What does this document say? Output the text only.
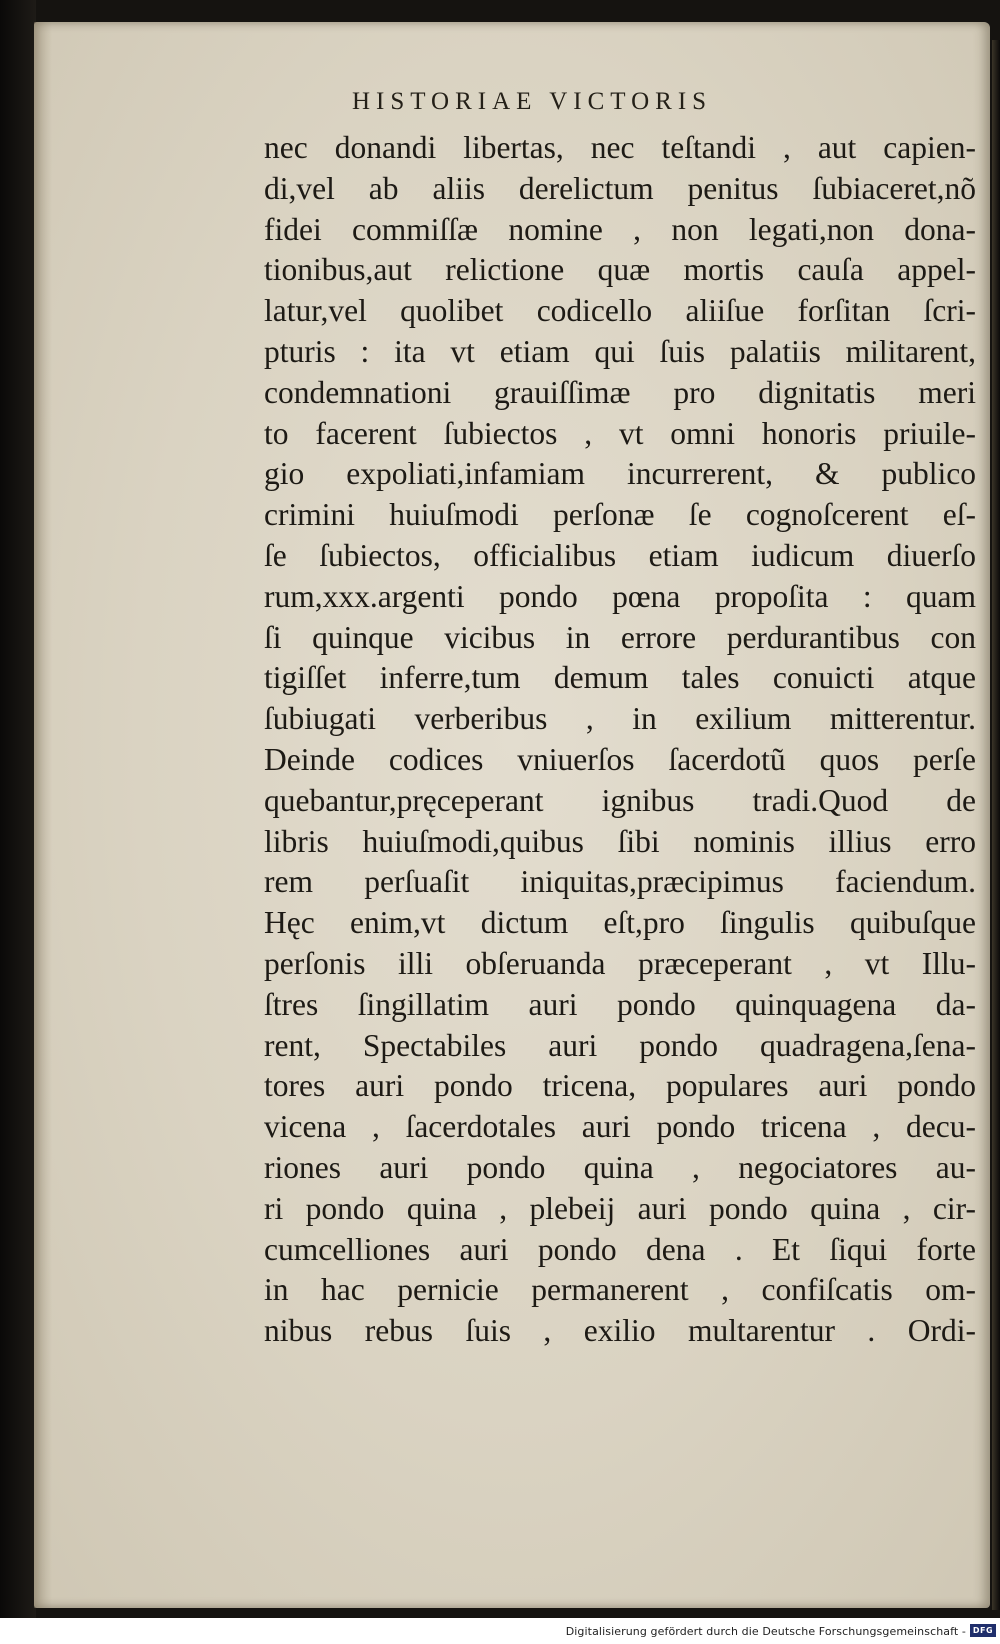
HISTORIAE VICTORIS
nec donandi libertas, nec teſtandi , aut capien-
di,vel ab aliis derelictum penitus ſubiaceret,nõ
fidei commiſſæ nomine , non legati,non dona-
tionibus,aut relictione quæ mortis cauſa appel-
latur,vel quolibet codicello aliiſue forſitan ſcri-
pturis : ita vt etiam qui ſuis palatiis militarent,
condemnationi grauiſſimæ pro dignitatis meri
to facerent ſubiectos , vt omni honoris priuile-
gio expoliati,infamiam incurrerent, & publico
crimini huiuſmodi perſonæ ſe cognoſcerent eſ-
ſe ſubiectos, officialibus etiam iudicum diuerſo
rum,xxx.argenti pondo pœna propoſita : quam
ſi quinque vicibus in errore perdurantibus con
tigiſſet inferre,tum demum tales conuicti atque
ſubiugati verberibus , in exilium mitterentur.
Deinde codices vniuerſos ſacerdotũ quos perſe
quebantur,pręceperant ignibus tradi.Quod de
libris huiuſmodi,quibus ſibi nominis illius erro
rem perſuaſit iniquitas,præcipimus faciendum.
Hęc enim,vt dictum eſt,pro ſingulis quibuſque
perſonis illi obſeruanda præceperant , vt Illu-
ſtres ſingillatim auri pondo quinquagena da-
rent, Spectabiles auri pondo quadragena,ſena-
tores auri pondo tricena, populares auri pondo
vicena , ſacerdotales auri pondo tricena , decu-
riones auri pondo quina , negociatores au-
ri pondo quina , plebeij auri pondo quina , cir-
cumcelliones auri pondo dena . Et ſiqui forte
in hac pernicie permanerent , confiſcatis om-
nibus rebus ſuis , exilio multarentur . Ordi-
Digitalisierung gefördert durch die Deutsche Forschungsgemeinschaft - DFG
